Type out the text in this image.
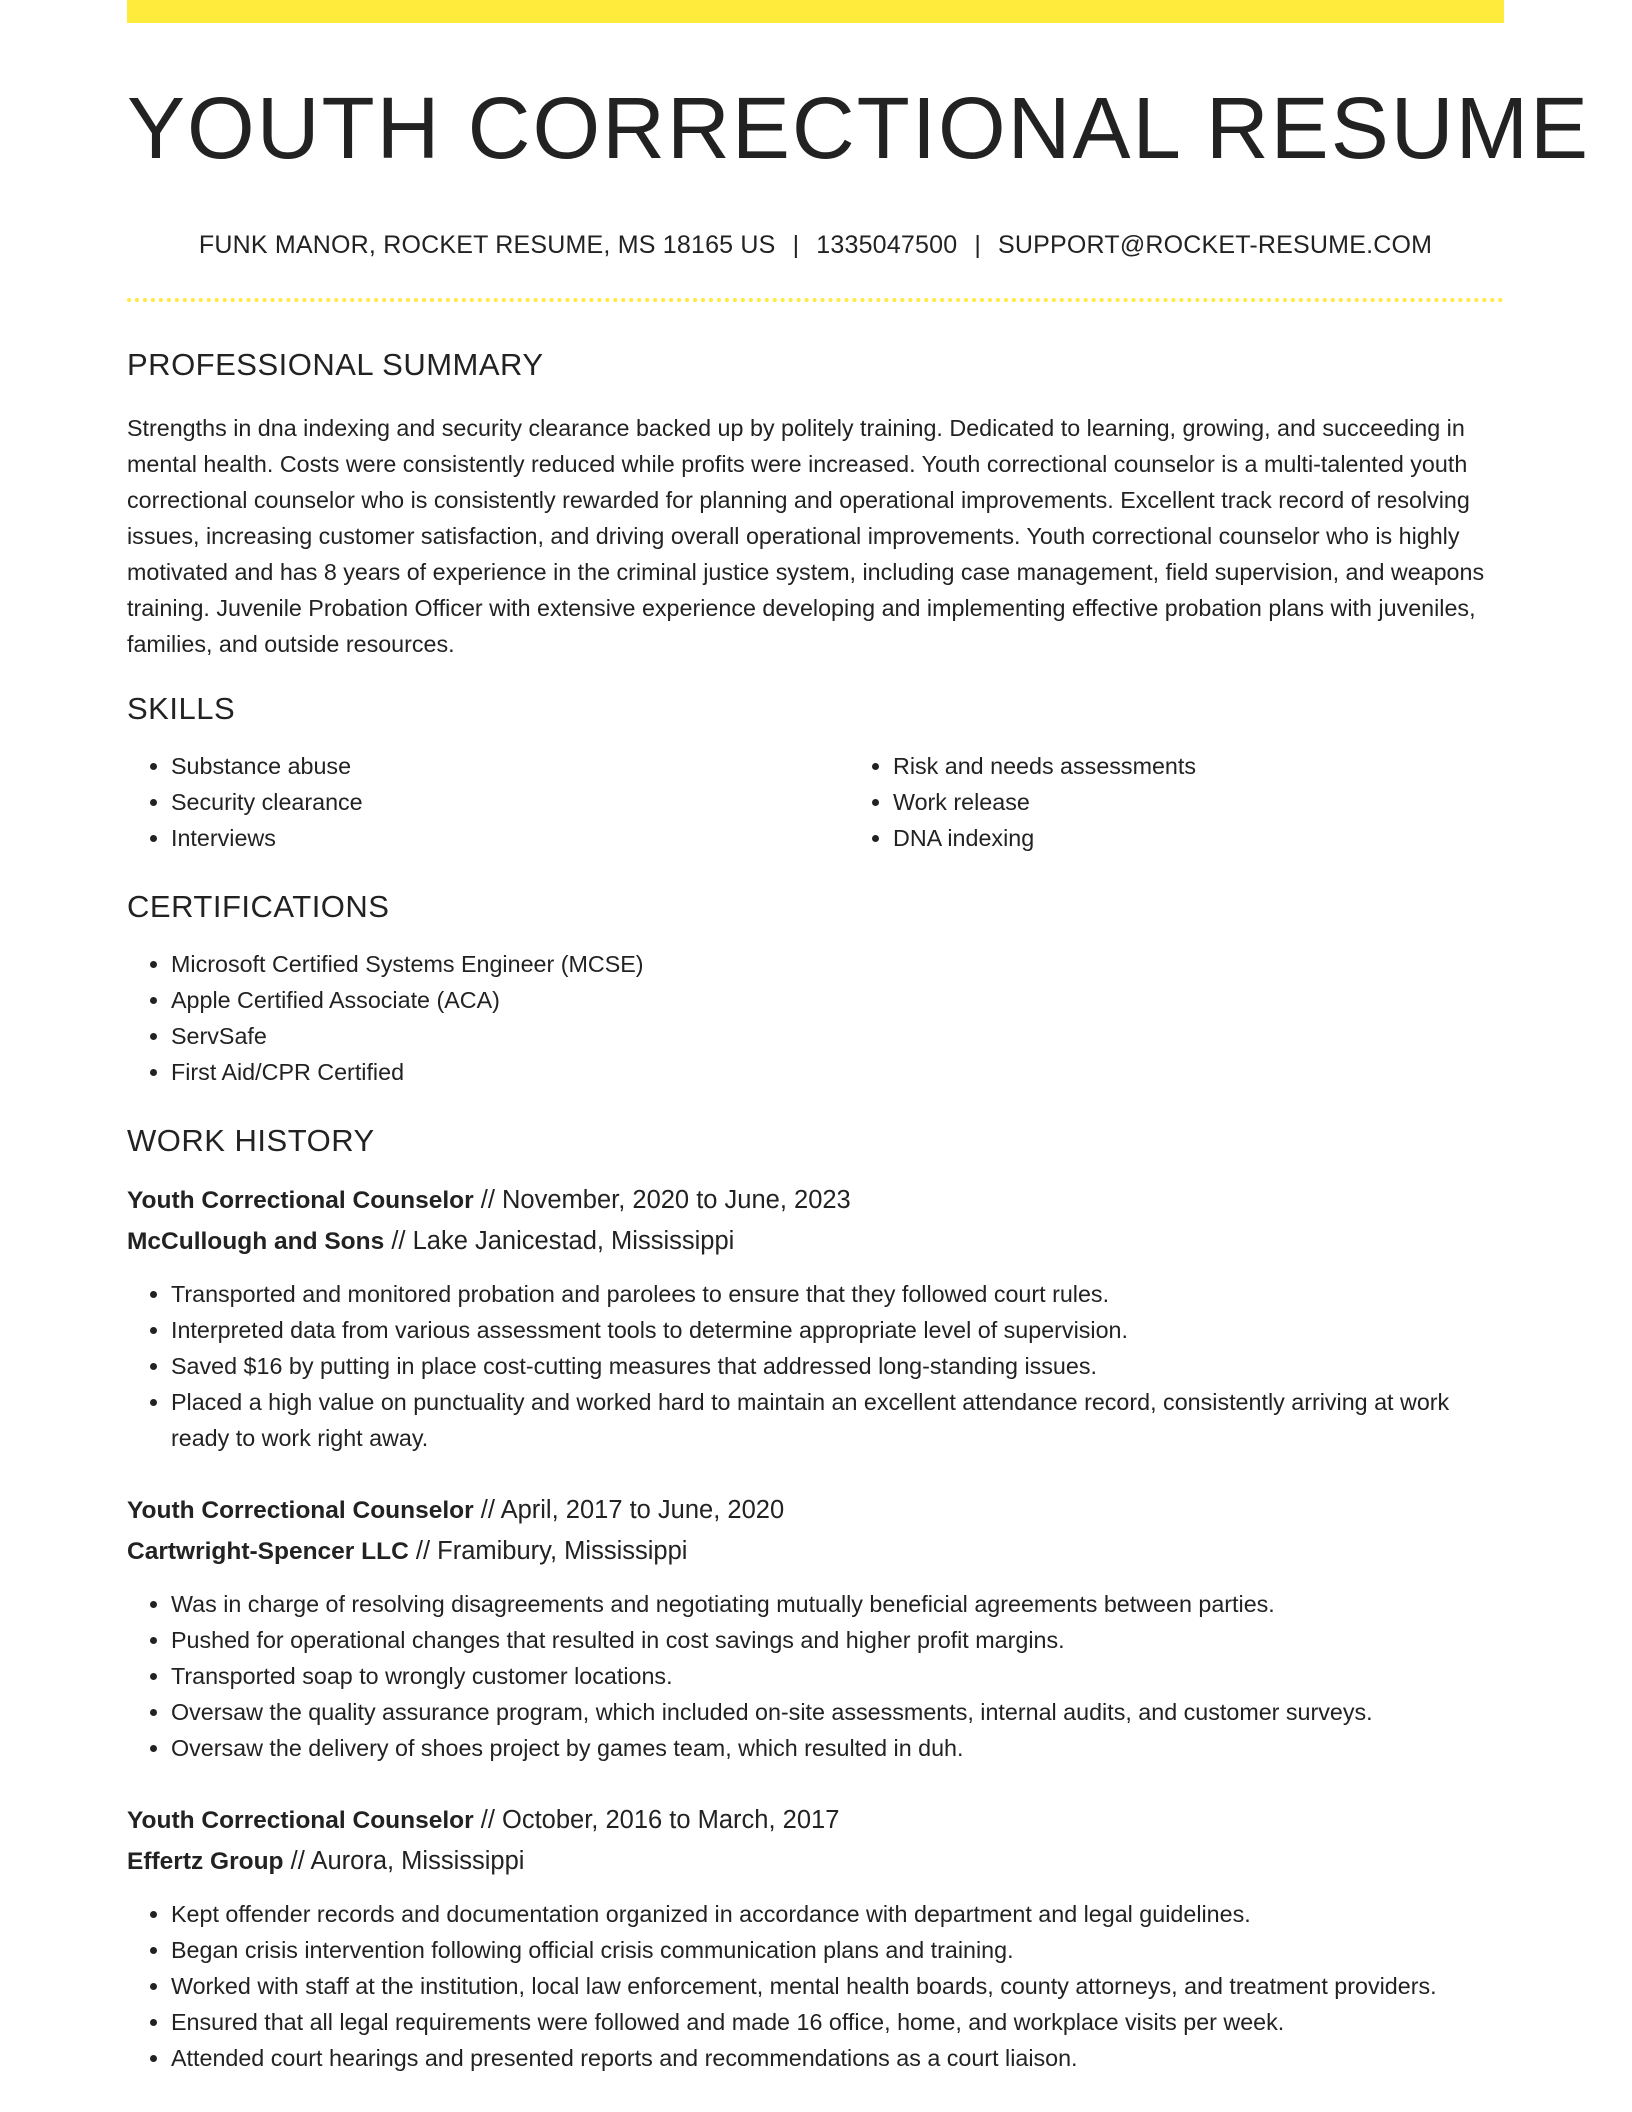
YOUTH CORRECTIONAL RESUME
FUNK MANOR, ROCKET RESUME, MS 18165 US | 1335047500 | SUPPORT@ROCKET-RESUME.COM
PROFESSIONAL SUMMARY

Strengths in dna indexing and security clearance backed up by politely training. Dedicated to learning, growing, and succeeding in mental health. Costs were consistently reduced while profits were increased. Youth correctional counselor is a multi-talented youth correctional counselor who is consistently rewarded for planning and operational improvements. Excellent track record of resolving issues, increasing customer satisfaction, and driving overall operational improvements. Youth correctional counselor who is highly motivated and has 8 years of experience in the criminal justice system, including case management, field supervision, and weapons training. Juvenile Probation Officer with extensive experience developing and implementing effective probation plans with juveniles, families, and outside resources.

SKILLS
• Substance abuse
• Security clearance
• Interviews
• Risk and needs assessments
• Work release
• DNA indexing
CERTIFICATIONS
• Microsoft Certified Systems Engineer (MCSE)
• Apple Certified Associate (ACA)
• ServSafe
• First Aid/CPR Certified
WORK HISTORY
Youth Correctional Counselor // November, 2020 to June, 2023
McCullough and Sons // Lake Janicestad, Mississippi
• Transported and monitored probation and parolees to ensure that they followed court rules.
• Interpreted data from various assessment tools to determine appropriate level of supervision.
• Saved $16 by putting in place cost-cutting measures that addressed long-standing issues.
• Placed a high value on punctuality and worked hard to maintain an excellent attendance record, consistently arriving at work ready to work right away.
Youth Correctional Counselor // April, 2017 to June, 2020
Cartwright-Spencer LLC // Framibury, Mississippi
• Was in charge of resolving disagreements and negotiating mutually beneficial agreements between parties.
• Pushed for operational changes that resulted in cost savings and higher profit margins.
• Transported soap to wrongly customer locations.
• Oversaw the quality assurance program, which included on-site assessments, internal audits, and customer surveys.
• Oversaw the delivery of shoes project by games team, which resulted in duh.
Youth Correctional Counselor // October, 2016 to March, 2017
Effertz Group // Aurora, Mississippi
• Kept offender records and documentation organized in accordance with department and legal guidelines.
• Began crisis intervention following official crisis communication plans and training.
• Worked with staff at the institution, local law enforcement, mental health boards, county attorneys, and treatment providers.
• Ensured that all legal requirements were followed and made 16 office, home, and workplace visits per week.
• Attended court hearings and presented reports and recommendations as a court liaison.
